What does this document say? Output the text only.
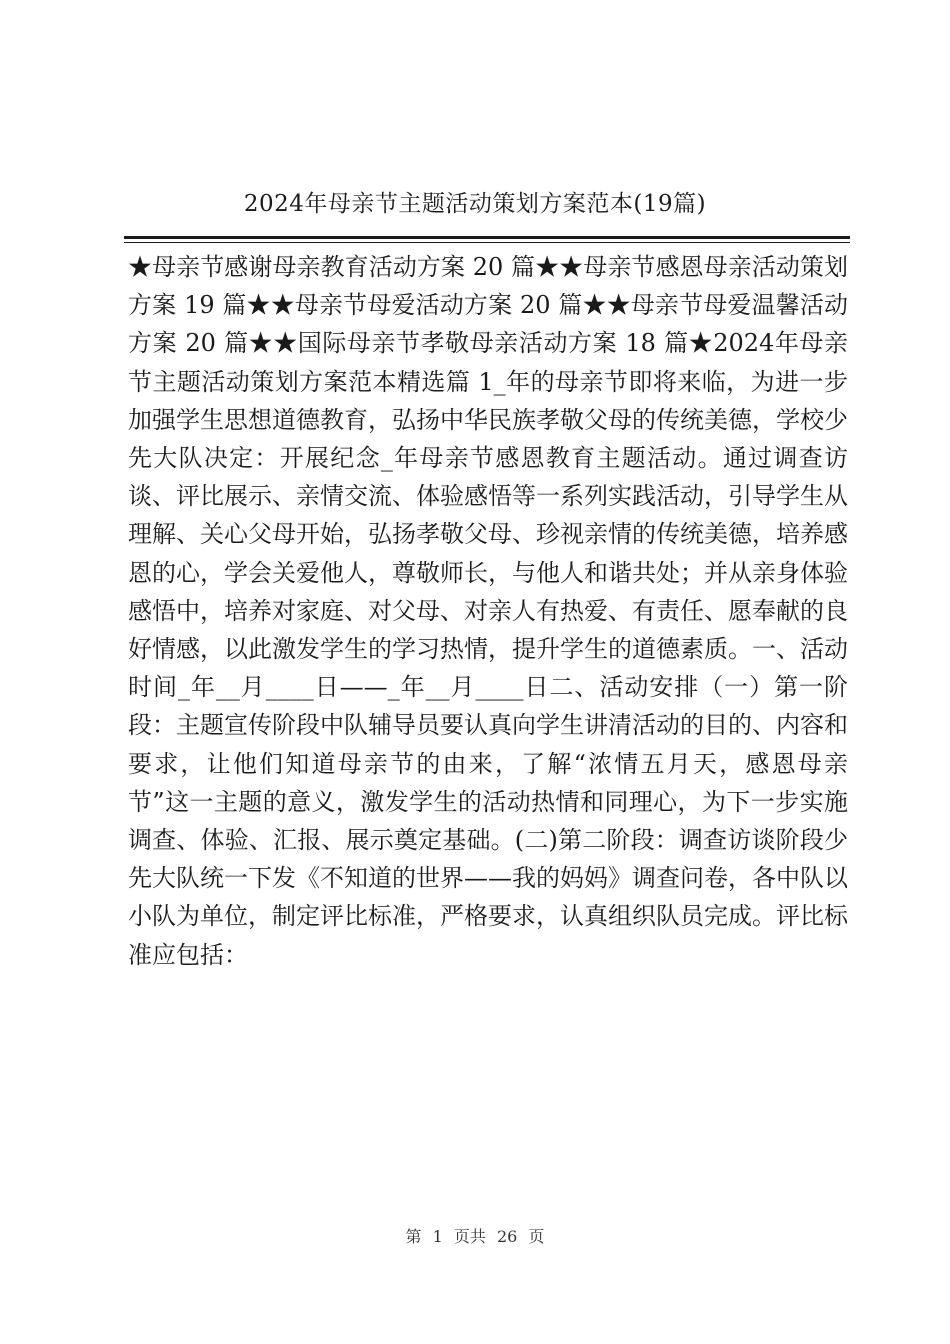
2024年母亲节主题活动策划方案范本(19篇)

★母亲节感谢母亲教育活动方案 20 篇★★母亲节感恩母亲活动策划方案 19 篇★★母亲节母爱活动方案 20 篇★★母亲节母爱温馨活动方案 20 篇★★国际母亲节孝敬母亲活动方案 18 篇★2024年母亲节主题活动策划方案范本精选篇 1_年的母亲节即将来临，为进一步加强学生思想道德教育，弘扬中华民族孝敬父母的传统美德，学校少先大队决定：开展纪念_年母亲节感恩教育主题活动。通过调查访谈、评比展示、亲情交流、体验感悟等一系列实践活动，引导学生从理解、关心父母开始，弘扬孝敬父母、珍视亲情的传统美德，培养感恩的心，学会关爱他人，尊敬师长，与他人和谐共处；并从亲身体验感悟中，培养对家庭、对父母、对亲人有热爱、有责任、愿奉献的良好情感，以此激发学生的学习热情，提升学生的道德素质。一、活动时间_年__月____日——_年__月____日二、活动安排（一）第一阶段：主题宣传阶段中队辅导员要认真向学生讲清活动的目的、内容和要求，让他们知道母亲节的由来，了解“浓情五月天，感恩母亲节”这一主题的意义，激发学生的活动热情和同理心，为下一步实施调查、体验、汇报、展示奠定基础。(二)第二阶段：调查访谈阶段少先大队统一下发《不知道的世界——我的妈妈》调查问卷，各中队以小队为单位，制定评比标准，严格要求，认真组织队员完成。评比标准应包括：

第 1 页共 26 页
